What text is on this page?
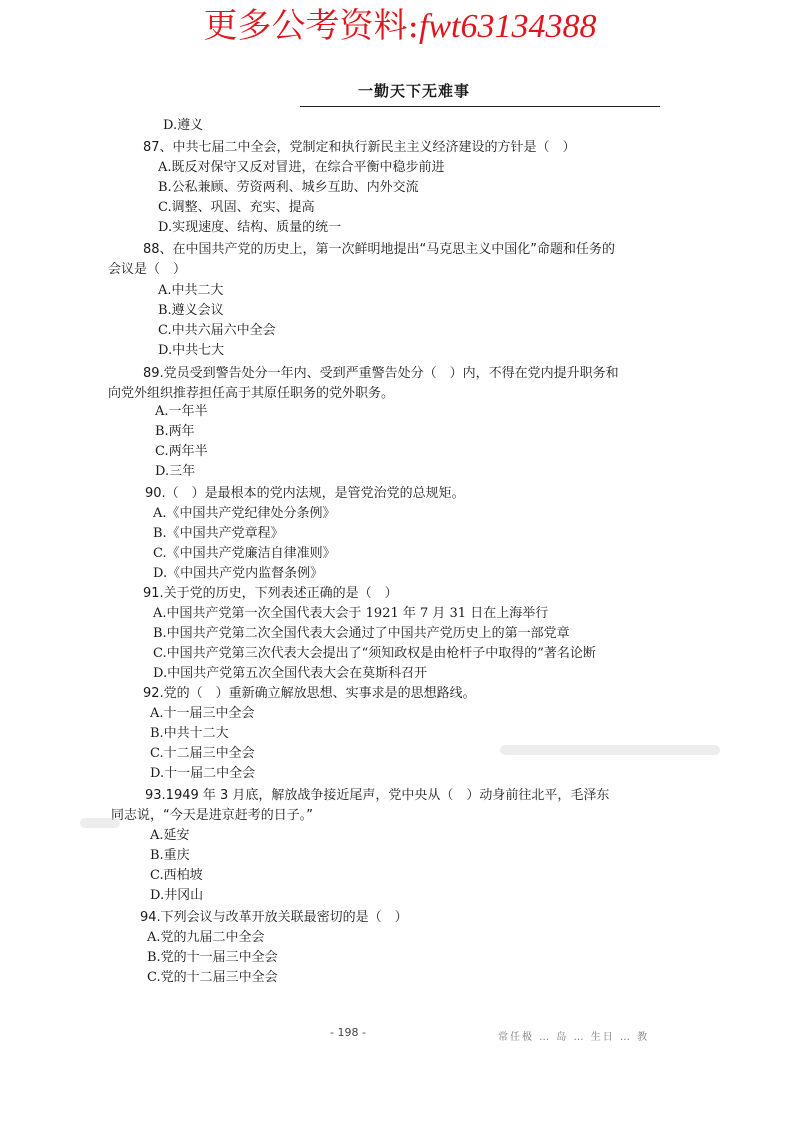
更多公考资料:fwt63134388
一勤天下无难事
D.遵义
87、中共七届二中全会，党制定和执行新民主主义经济建设的方针是（　）
A.既反对保守又反对冒进，在综合平衡中稳步前进
B.公私兼顾、劳资两利、城乡互助、内外交流
C.调整、巩固、充实、提高
D.实现速度、结构、质量的统一
88、在中国共产党的历史上，第一次鲜明地提出“马克思主义中国化”命题和任务的
会议是（　）
A.中共二大
B.遵义会议
C.中共六届六中全会
D.中共七大
89.党员受到警告处分一年内、受到严重警告处分（　）内，不得在党内提升职务和
向党外组织推荐担任高于其原任职务的党外职务。
A.一年半
B.两年
C.两年半
D.三年
90.（　）是最根本的党内法规，是管党治党的总规矩。
A.《中国共产党纪律处分条例》
B.《中国共产党章程》
C.《中国共产党廉洁自律准则》
D.《中国共产党内监督条例》
91.关于党的历史，下列表述正确的是（　）
A.中国共产党第一次全国代表大会于 1921 年 7 月 31 日在上海举行
B.中国共产党第二次全国代表大会通过了中国共产党历史上的第一部党章
C.中国共产党第三次代表大会提出了“须知政权是由枪杆子中取得的”著名论断
D.中国共产党第五次全国代表大会在莫斯科召开
92.党的（　）重新确立解放思想、实事求是的思想路线。
A.十一届三中全会
B.中共十二大
C.十二届三中全会
D.十一届二中全会
93.1949 年 3 月底，解放战争接近尾声，党中央从（　）动身前往北平，毛泽东
同志说，“今天是进京赶考的日子。”
A.延安
B.重庆
C.西柏坡
D.井冈山
94.下列会议与改革开放关联最密切的是（　）
A.党的九届二中全会
B.党的十一届三中全会
C.党的十二届三中全会
- 198 -	常任极 … 岛 … 生日 … 教
